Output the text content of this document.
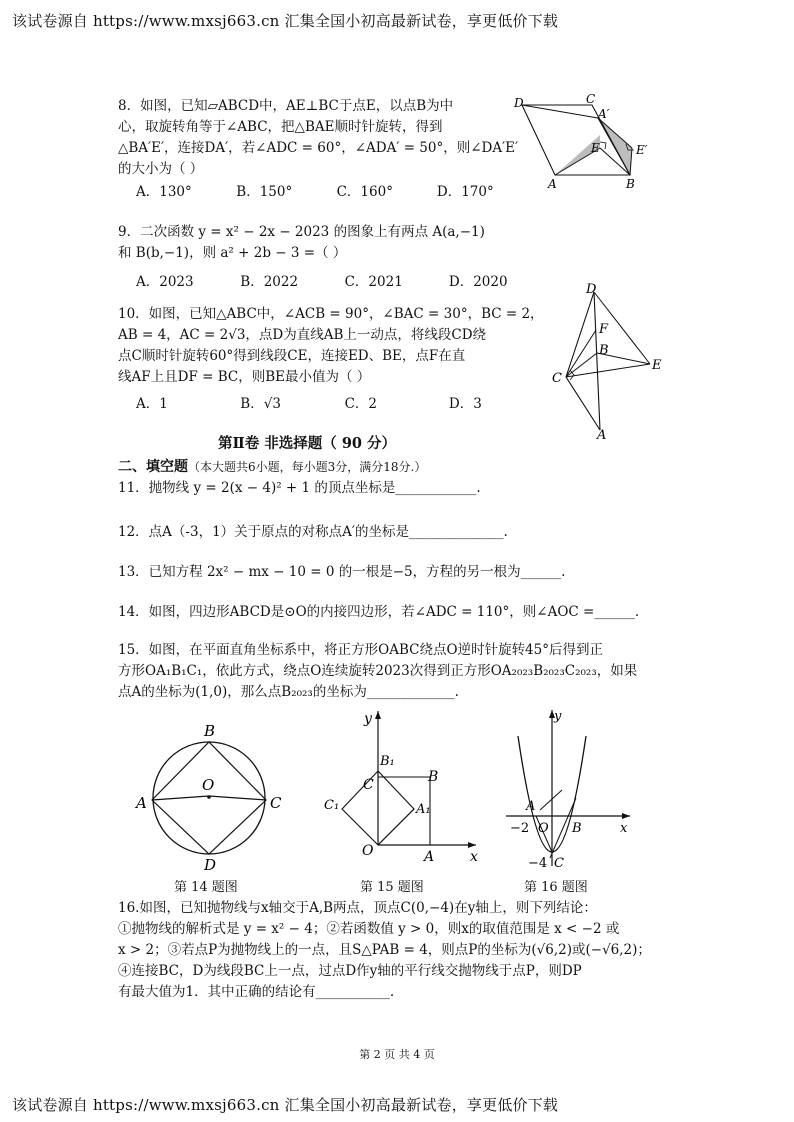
该试卷源自 https://www.mxsj663.cn 汇集全国小初高最新试卷，享更低价下载
该试卷源自 https://www.mxsj663.cn 汇集全国小初高最新试卷，享更低价下载
8．如图，已知▱ABCD中，AE⊥BC于点E，以点B为中
心，取旋转角等于∠ABC，把△BAE顺时针旋转，得到
△BA′E′，连接DA′，若∠ADC = 60°，∠ADA′ = 50°，则∠DA′E′
的大小为（ ）
A．130°	B．150°	C．160°	D．170°
D	C
A′
E	E′
A	B
9．二次函数 y = x² − 2x − 2023 的图象上有两点 A(a,−1)
和 B(b,−1)，则 a² + 2b − 3 =（ ）
A．2023	B．2022	C．2021	D．2020
10．如图，已知△ABC中，∠ACB = 90°，∠BAC = 30°，BC = 2，
AB = 4，AC = 2√3，点D为直线AB上一动点，将线段CD绕
点C顺时针旋转60°得到线段CE，连接ED、BE，点F在直
线AF上且DF = BC，则BE最小值为（ ）
A．1	B．√3	C．2	D．3
D
F
B
E
C
A
第Ⅱ卷 非选择题（ 90 分）
二、填空题（本大题共6小题，每小题3分，满分18分.）
11．抛物线 y = 2(x − 4)² + 1 的顶点坐标是____________.
12．点A（-3，1）关于原点的对称点A′的坐标是______________.
13．已知方程 2x² − mx − 10 = 0 的一根是−5，方程的另一根为______.
14．如图，四边形ABCD是⊙O的内接四边形，若∠ADC = 110°，则∠AOC =______.
15．如图，在平面直角坐标系中，将正方形OABC绕点O逆时针旋转45°后得到正
方形OA₁B₁C₁，依此方式，绕点O连续旋转2023次得到正方形OA₂₀₂₃B₂₀₂₃C₂₀₂₃，如果
点A的坐标为(1,0)，那么点B₂₀₂₃的坐标为_____________.
B
O
A	C
D
第 14 题图
y
B₁
C	B
C₁	A₁
O	A	x
第 15 题图
y
A
−2 O B	x
−4 C
第 16 题图
16.如图，已知抛物线与x轴交于A,B两点，顶点C(0,−4)在y轴上，则下列结论：
①抛物线的解析式是 y = x² − 4；②若函数值 y > 0，则x的取值范围是 x < −2 或
x > 2；③若点P为抛物线上的一点，且S△PAB = 4，则点P的坐标为(√6,2)或(−√6,2)；
④连接BC，D为线段BC上一点，过点D作y轴的平行线交抛物线于点P，则DP
有最大值为1．其中正确的结论有___________.
第 2 页 共 4 页
